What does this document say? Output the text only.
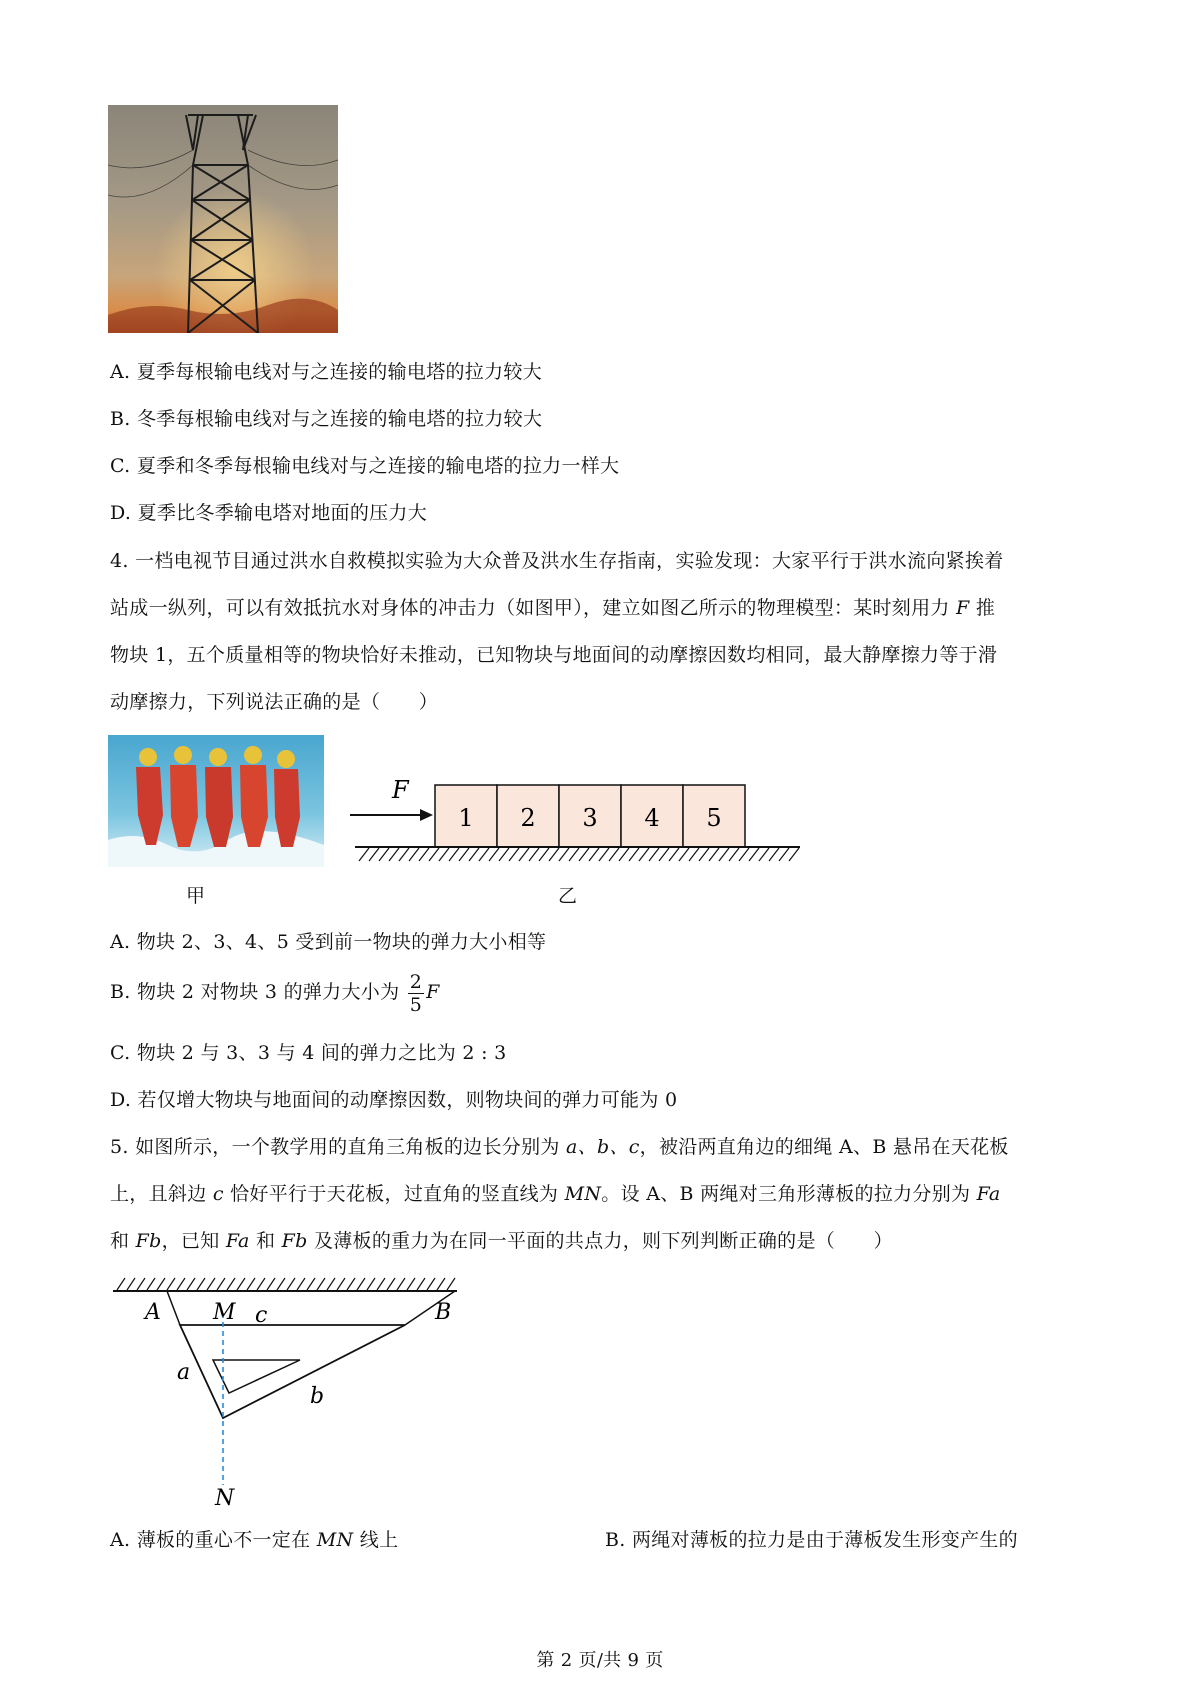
A. 夏季每根输电线对与之连接的输电塔的拉力较大
B. 冬季每根输电线对与之连接的输电塔的拉力较大
C. 夏季和冬季每根输电线对与之连接的输电塔的拉力一样大
D. 夏季比冬季输电塔对地面的压力大
4. 一档电视节目通过洪水自救模拟实验为大众普及洪水生存指南，实验发现：大家平行于洪水流向紧挨着
站成一纵列，可以有效抵抗水对身体的冲击力（如图甲），建立如图乙所示的物理模型：某时刻用力 F 推
物块 1，五个质量相等的物块恰好未推动，已知物块与地面间的动摩擦因数均相同，最大静摩擦力等于滑
动摩擦力，下列说法正确的是（　　）
F
1 2 3 4 5
甲	乙
A. 物块 2、3、4、5 受到前一物块的弹力大小相等
B. 物块 2 对物块 3 的弹力大小为 $\frac{2}{5}$ F
C. 物块 2 与 3、3 与 4 间的弹力之比为 2 : 3
D. 若仅增大物块与地面间的动摩擦因数，则物块间的弹力可能为 0
5. 如图所示，一个教学用的直角三角板的边长分别为 a、b、c，被沿两直角边的细绳 A、B 悬吊在天花板
上，且斜边 c 恰好平行于天花板，过直角的竖直线为 MN。设 A、B 两绳对三角形薄板的拉力分别为 Fa
和 Fb，已知 Fa 和 Fb 及薄板的重力为在同一平面的共点力，则下列判断正确的是（　　）
A M c	B
a
b
N
A. 薄板的重心不一定在 MN 线上	B. 两绳对薄板的拉力是由于薄板发生形变产生的
第 2 页/共 9 页
